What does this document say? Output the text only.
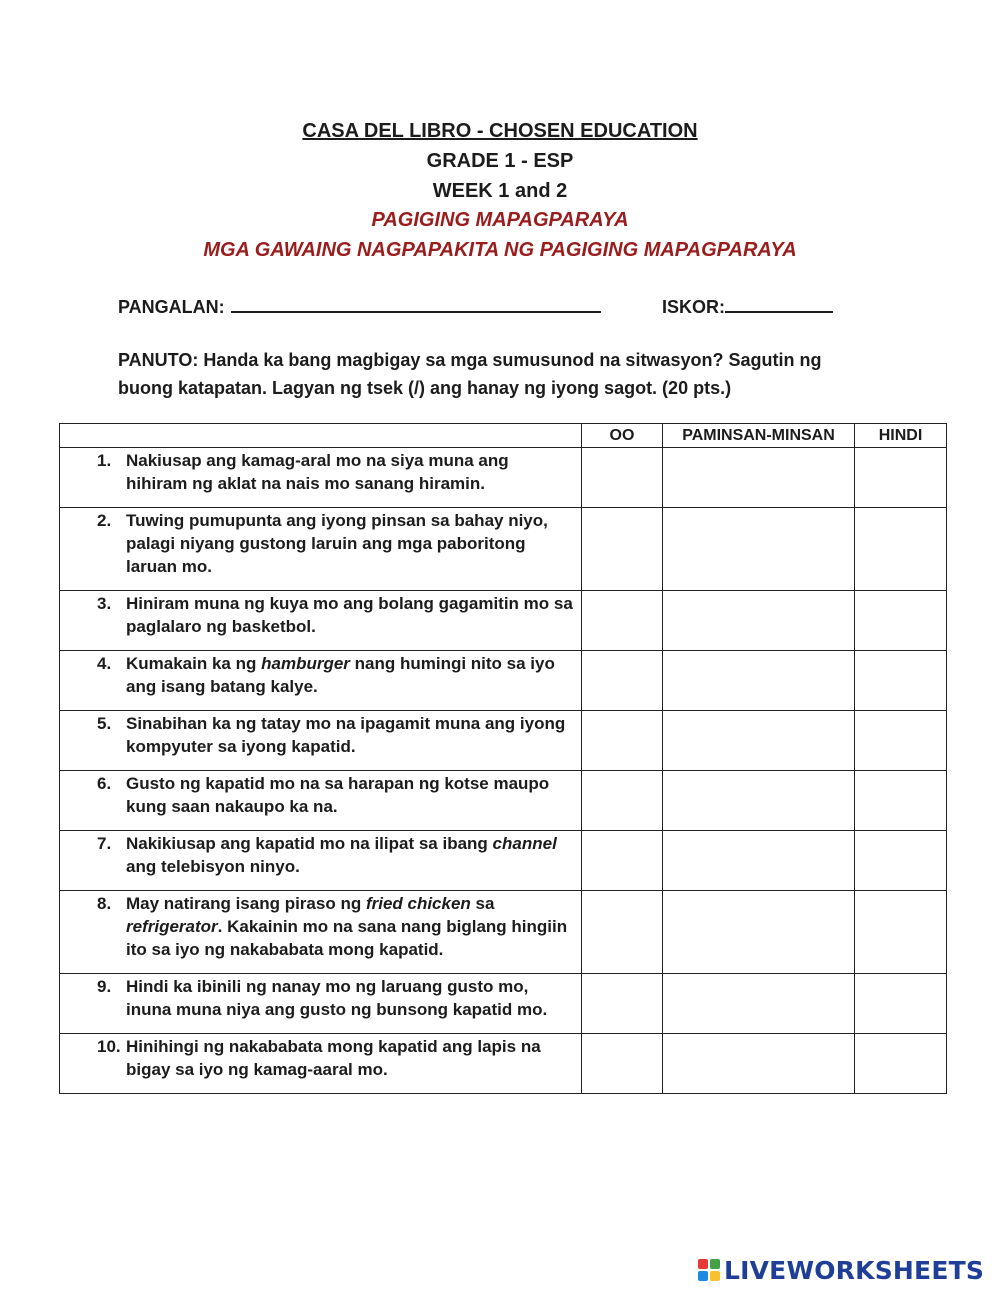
CASA DEL LIBRO - CHOSEN EDUCATION
GRADE 1 - ESP
WEEK 1 and 2
PAGIGING MAPAGPARAYA
MGA GAWAING NAGPAPAKITA NG PAGIGING MAPAGPARAYA
PANGALAN:	ISKOR:
PANUTO: Handa ka bang magbigay sa mga sumusunod na sitwasyon? Sagutin ng buong katapatan. Lagyan ng tsek (/) ang hanay ng iyong sagot. (20 pts.)
	OO	PAMINSAN-MINSAN	HINDI

1. Nakiusap ang kamag-aral mo na siya muna ang hihiram ng aklat na nais mo sanang hiramin.			

2. Tuwing pumupunta ang iyong pinsan sa bahay niyo, palagi niyang gustong laruin ang mga paboritong laruan mo.			

3. Hiniram muna ng kuya mo ang bolang gagamitin mo sa paglalaro ng basketbol.			

4. Kumakain ka ng hamburger nang humingi nito sa iyo ang isang batang kalye.			

5. Sinabihan ka ng tatay mo na ipagamit muna ang iyong kompyuter sa iyong kapatid.			

6. Gusto ng kapatid mo na sa harapan ng kotse maupo kung saan nakaupo ka na.			

7. Nakikiusap ang kapatid mo na ilipat sa ibang channel ang telebisyon ninyo.			

8. May natirang isang piraso ng fried chicken sa refrigerator. Kakainin mo na sana nang biglang hingiin ito sa iyo ng nakababata mong kapatid.			

9. Hindi ka ibinili ng nanay mo ng laruang gusto mo, inuna muna niya ang gusto ng bunsong kapatid mo.			

10. Hinihingi ng nakababata mong kapatid ang lapis na bigay sa iyo ng kamag-aaral mo.			

LIVEWORKSHEETS
